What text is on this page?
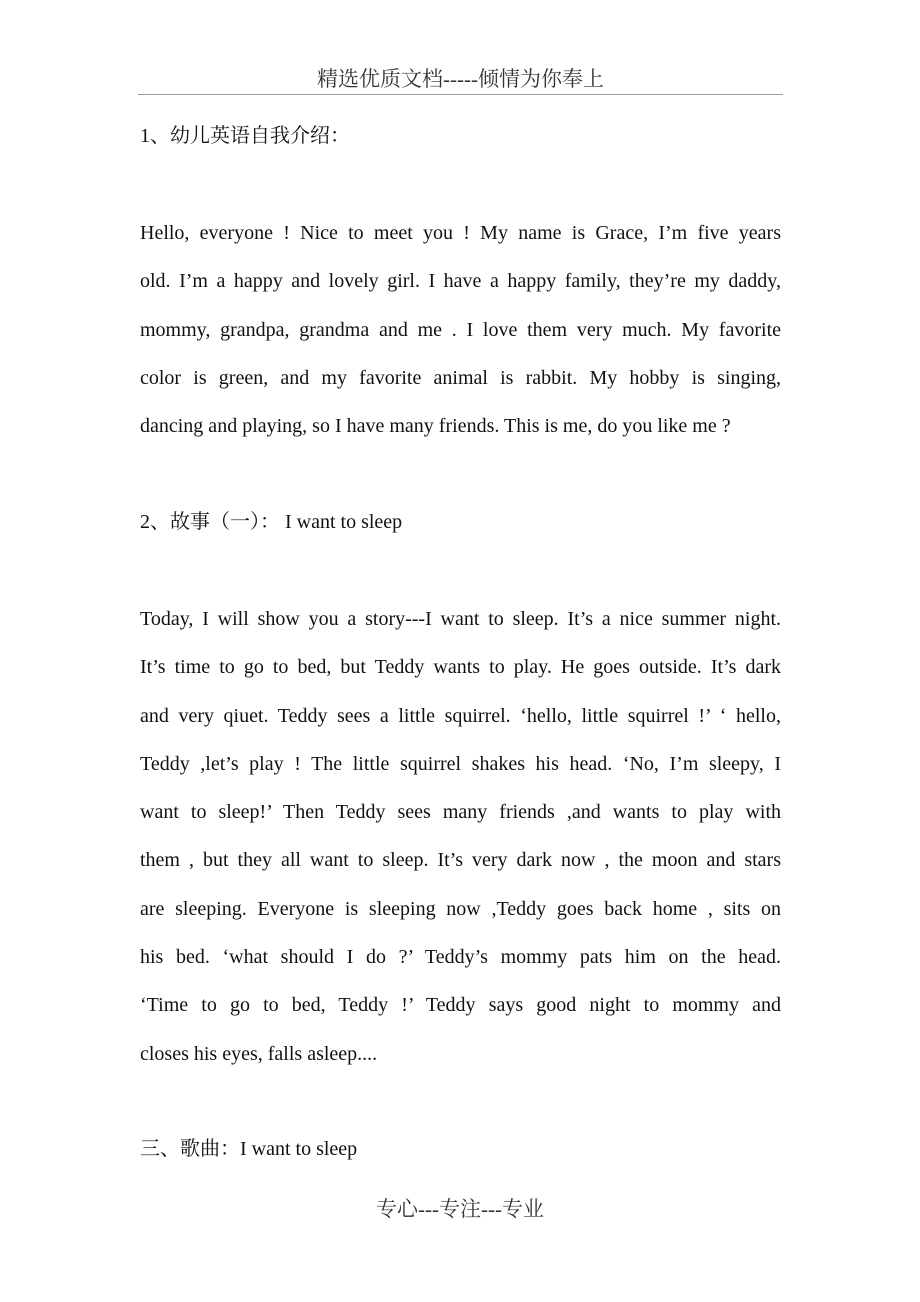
精选优质文档-----倾情为你奉上
1、幼儿英语自我介绍：
Hello, everyone ! Nice to meet you ! My name is Grace, I’m five years
old. I’m a happy and lovely girl. I have a happy family, they’re my daddy,
mommy, grandpa, grandma and me . I love them very much. My favorite
color is green, and my favorite animal is rabbit. My hobby is singing,
dancing and playing, so I have many friends. This is me, do you like me ?
2、故事（一）： I want to sleep
Today, I will show you a story---I want to sleep. It’s a nice summer night.
It’s time to go to bed, but Teddy wants to play. He goes outside. It’s dark
and very qiuet. Teddy sees a little squirrel. ‘hello, little squirrel !’ ‘ hello,
Teddy ,let’s play ! The little squirrel shakes his head. ‘No, I’m sleepy, I
want to sleep!’ Then Teddy sees many friends ,and wants to play with
them , but they all want to sleep. It’s very dark now , the moon and stars
are sleeping. Everyone is sleeping now ,Teddy goes back home , sits on
his bed. ‘what should I do ?’ Teddy’s mommy pats him on the head.
‘Time to go to bed, Teddy !’ Teddy says good night to mommy and
closes his eyes, falls asleep....
三、歌曲：I want to sleep
专心---专注---专业
